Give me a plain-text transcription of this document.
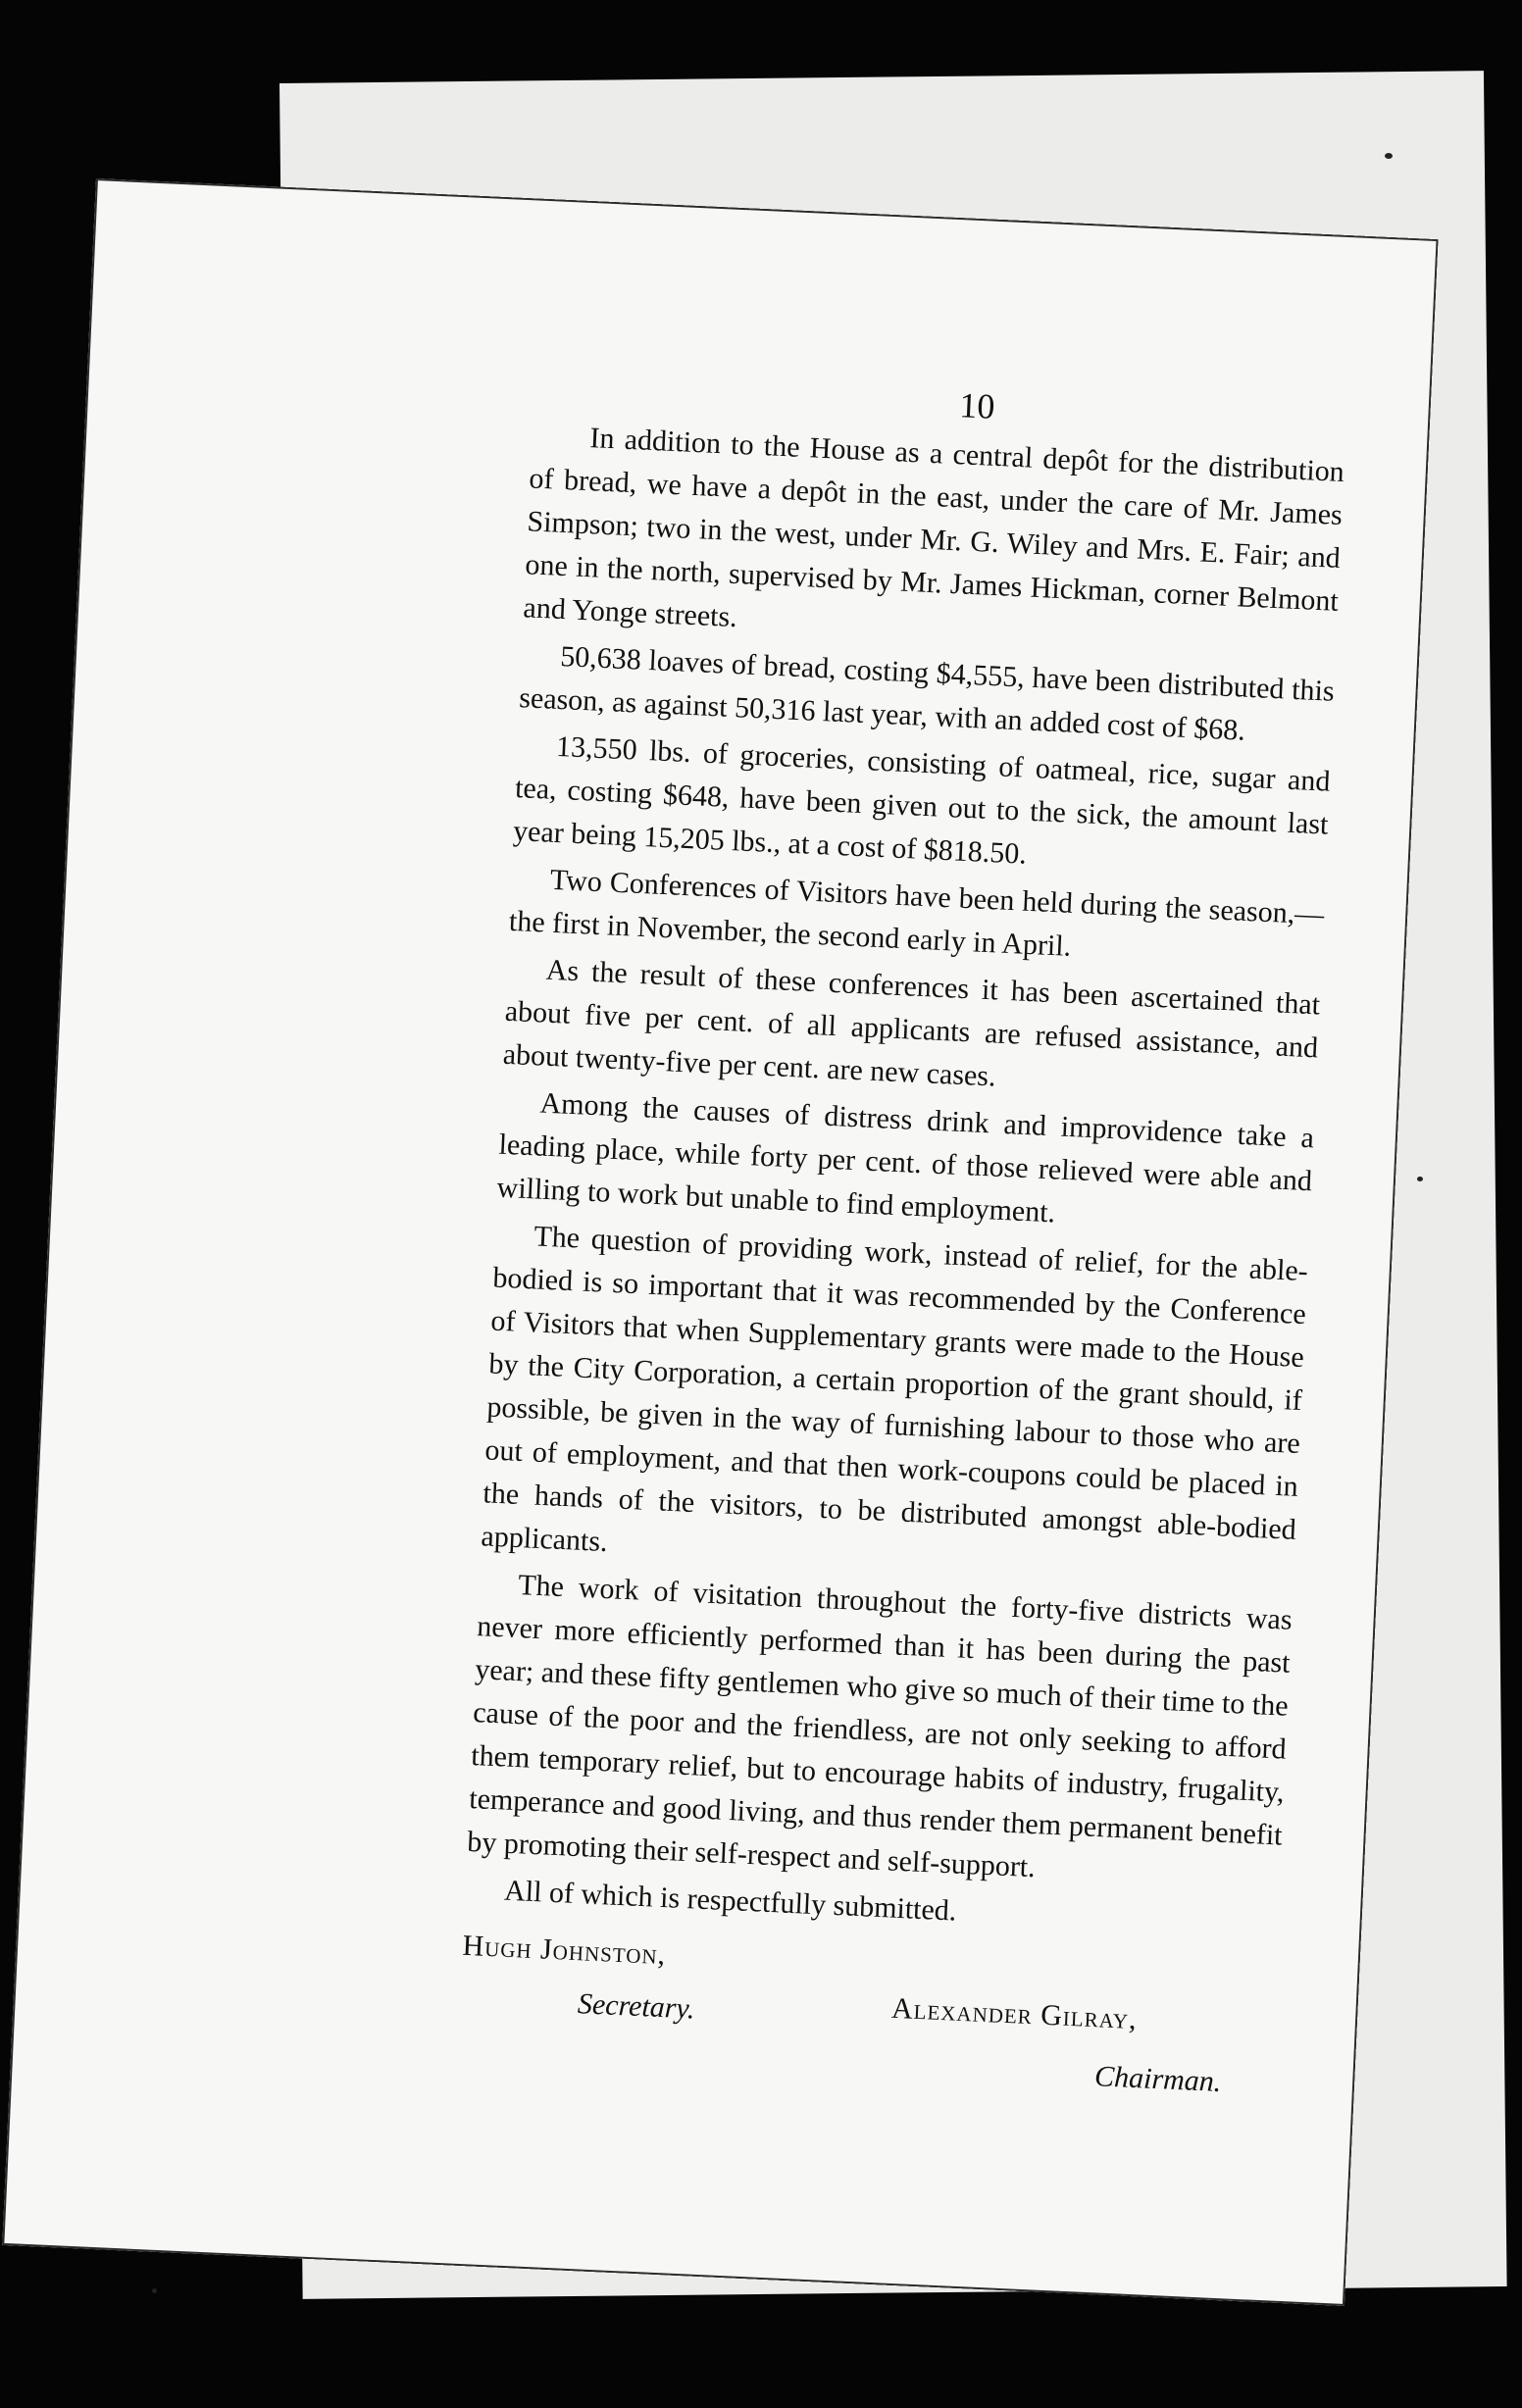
10

In addition to the House as a central depôt for the distribution of bread, we have a depôt in the east, under the care of Mr. James Simpson; two in the west, under Mr. G. Wiley and Mrs. E. Fair; and one in the north, supervised by Mr. James Hickman, corner Belmont and Yonge streets.

50,638 loaves of bread, costing $4,555, have been distributed this season, as against 50,316 last year, with an added cost of $68.

13,550 lbs. of groceries, consisting of oatmeal, rice, sugar and tea, costing $648, have been given out to the sick, the amount last year being 15,205 lbs., at a cost of $818.50.

Two Conferences of Visitors have been held during the season,— the first in November, the second early in April.

As the result of these conferences it has been ascertained that about five per cent. of all applicants are refused assistance, and about twenty-five per cent. are new cases.

Among the causes of distress drink and improvidence take a leading place, while forty per cent. of those relieved were able and willing to work but unable to find employment.

The question of providing work, instead of relief, for the able-bodied is so important that it was recommended by the Conference of Visitors that when Supplementary grants were made to the House by the City Corporation, a certain proportion of the grant should, if possible, be given in the way of furnishing labour to those who are out of employment, and that then work-coupons could be placed in the hands of the visitors, to be distributed amongst able-bodied applicants.

The work of visitation throughout the forty-five districts was never more efficiently performed than it has been during the past year; and these fifty gentlemen who give so much of their time to the cause of the poor and the friendless, are not only seeking to afford them temporary relief, but to encourage habits of industry, frugality, temperance and good living, and thus render them permanent benefit by promoting their self-respect and self-support.

All of which is respectfully submitted.

Hugh Johnston,
Secretary.	Alexander Gilray,
Chairman.
